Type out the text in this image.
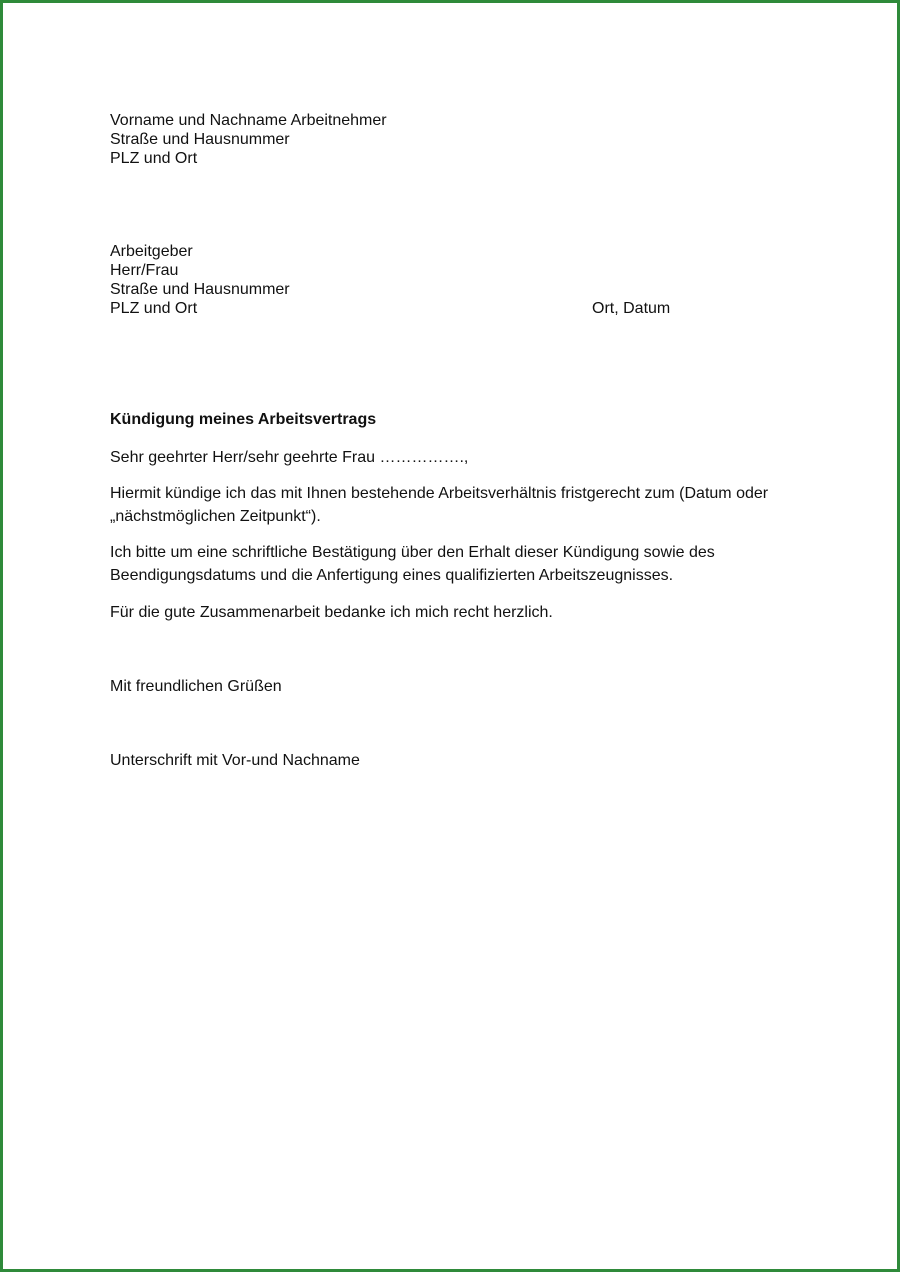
Vorname und Nachname Arbeitnehmer
Straße und Hausnummer
PLZ und Ort
Arbeitgeber
Herr/Frau
Straße und Hausnummer
PLZ und Ort	Ort, Datum
Kündigung meines Arbeitsvertrags
Sehr geehrter Herr/sehr geehrte Frau …………….,
Hiermit kündige ich das mit Ihnen bestehende Arbeitsverhältnis fristgerecht zum (Datum oder
„nächstmöglichen Zeitpunkt“).
Ich bitte um eine schriftliche Bestätigung über den Erhalt dieser Kündigung sowie des
Beendigungsdatums und die Anfertigung eines qualifizierten Arbeitszeugnisses.
Für die gute Zusammenarbeit bedanke ich mich recht herzlich.
Mit freundlichen Grüßen
Unterschrift mit Vor-und Nachname
